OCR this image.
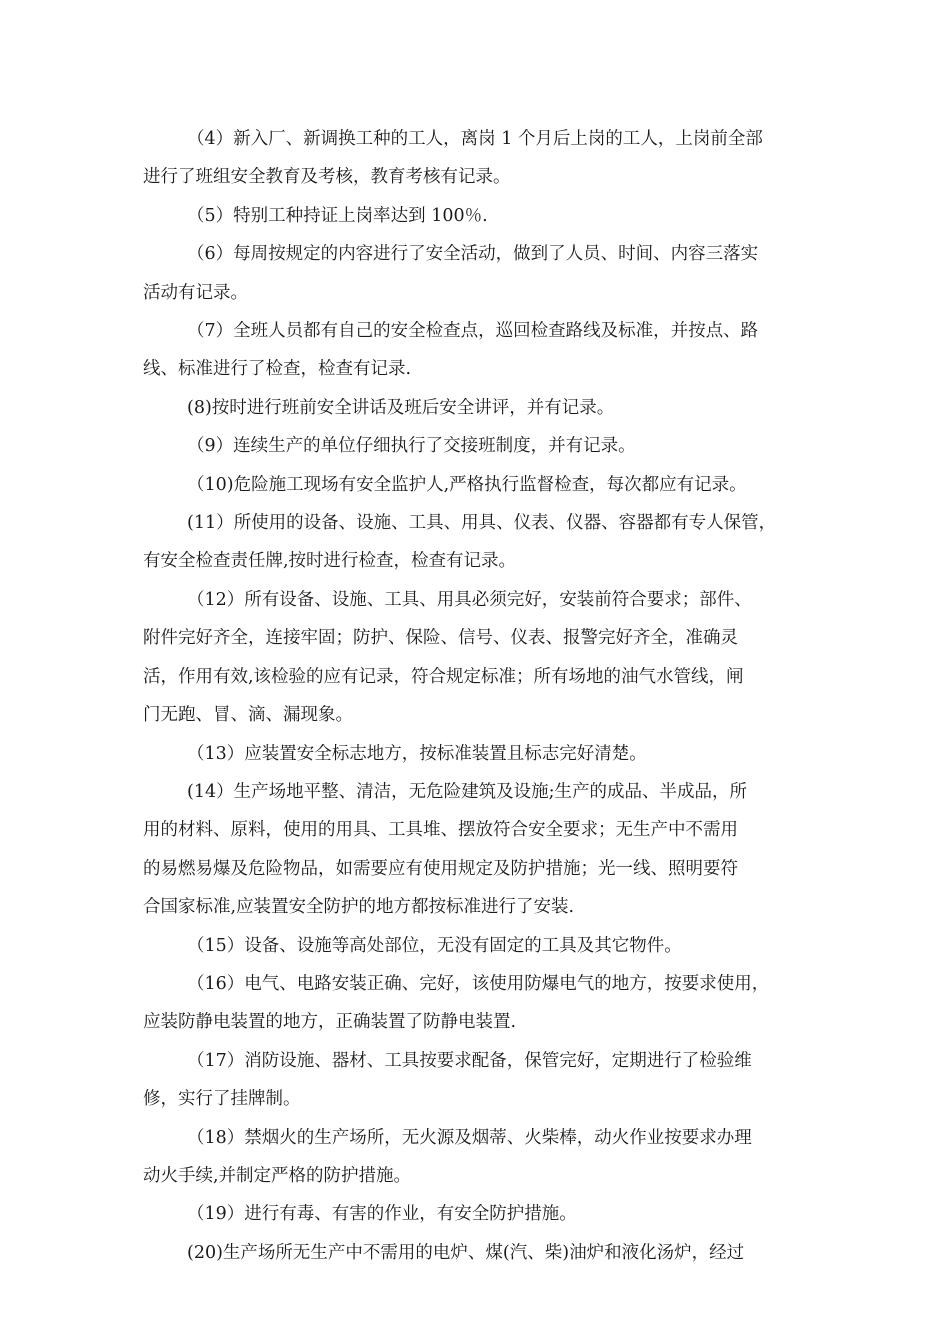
（4）新入厂、新调换工种的工人，离岗 1 个月后上岗的工人，上岗前全部
进行了班组安全教育及考核，教育考核有记录。

（5）特别工种持证上岗率达到 100％.

（6）每周按规定的内容进行了安全活动，做到了人员、时间、内容三落实
活动有记录。

（7）全班人员都有自己的安全检查点，巡回检查路线及标准，并按点、路
线、标准进行了检查，检查有记录.

(8)按时进行班前安全讲话及班后安全讲评，并有记录。

（9）连续生产的单位仔细执行了交接班制度，并有记录。

（10)危险施工现场有安全监护人,严格执行监督检查，每次都应有记录。

(11）所使用的设备、设施、工具、用具、仪表、仪器、容器都有专人保管，
有安全检查责任牌,按时进行检查，检查有记录。

（12）所有设备、设施、工具、用具必须完好，安装前符合要求；部件、
附件完好齐全，连接牢固；防护、保险、信号、仪表、报警完好齐全，准确灵
活，作用有效,该检验的应有记录，符合规定标准；所有场地的油气水管线，闸
门无跑、冒、滴、漏现象。

（13）应装置安全标志地方，按标准装置且标志完好清楚。

(14）生产场地平整、清洁，无危险建筑及设施;生产的成品、半成品，所
用的材料、原料，使用的用具、工具堆、摆放符合安全要求；无生产中不需用
的易燃易爆及危险物品，如需要应有使用规定及防护措施；光一线、照明要符
合国家标准,应装置安全防护的地方都按标准进行了安装.

（15）设备、设施等高处部位，无没有固定的工具及其它物件。

（16）电气、电路安装正确、完好，该使用防爆电气的地方，按要求使用，
应装防静电装置的地方，正确装置了防静电装置.

（17）消防设施、器材、工具按要求配备，保管完好，定期进行了检验维
修，实行了挂牌制。

（18）禁烟火的生产场所，无火源及烟蒂、火柴棒，动火作业按要求办理
动火手续,并制定严格的防护措施。

（19）进行有毒、有害的作业，有安全防护措施。

(20)生产场所无生产中不需用的电炉、煤(汽、柴)油炉和液化汤炉，经过
